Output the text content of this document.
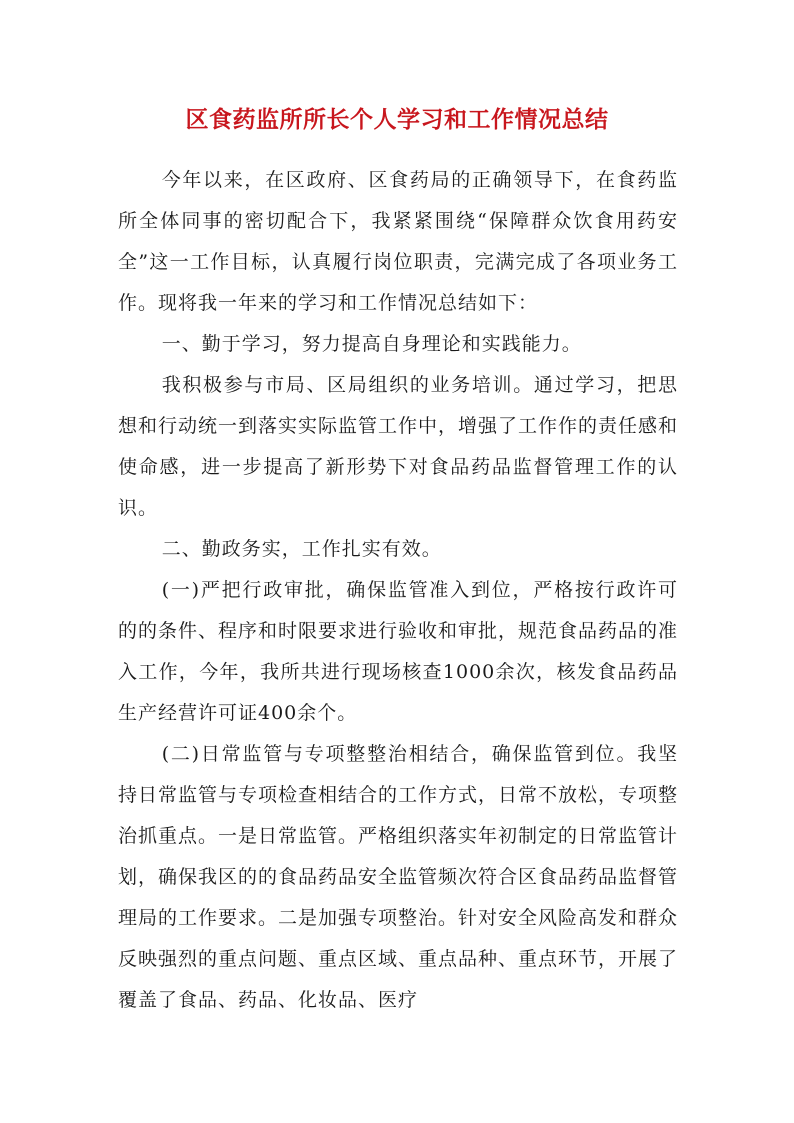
区食药监所所长个人学习和工作情况总结

今年以来，在区政府、区食药局的正确领导下，在食药监所全体同事的密切配合下，我紧紧围绕“保障群众饮食用药安全”这一工作目标，认真履行岗位职责，完满完成了各项业务工作。现将我一年来的学习和工作情况总结如下：

一、勤于学习，努力提高自身理论和实践能力。

我积极参与市局、区局组织的业务培训。通过学习，把思想和行动统一到落实实际监管工作中，增强了工作作的责任感和使命感，进一步提高了新形势下对食品药品监督管理工作的认识。

二、勤政务实，工作扎实有效。

(一)严把行政审批，确保监管准入到位，严格按行政许可的的条件、程序和时限要求进行验收和审批，规范食品药品的准入工作，今年，我所共进行现场核查1000余次，核发食品药品生产经营许可证400余个。

(二)日常监管与专项整整治相结合，确保监管到位。我坚持日常监管与专项检查相结合的工作方式，日常不放松，专项整治抓重点。一是日常监管。严格组织落实年初制定的日常监管计划，确保我区的的食品药品安全监管频次符合区食品药品监督管理局的工作要求。二是加强专项整治。针对安全风险高发和群众反映强烈的重点问题、重点区域、重点品种、重点环节，开展了覆盖了食品、药品、化妆品、医疗
